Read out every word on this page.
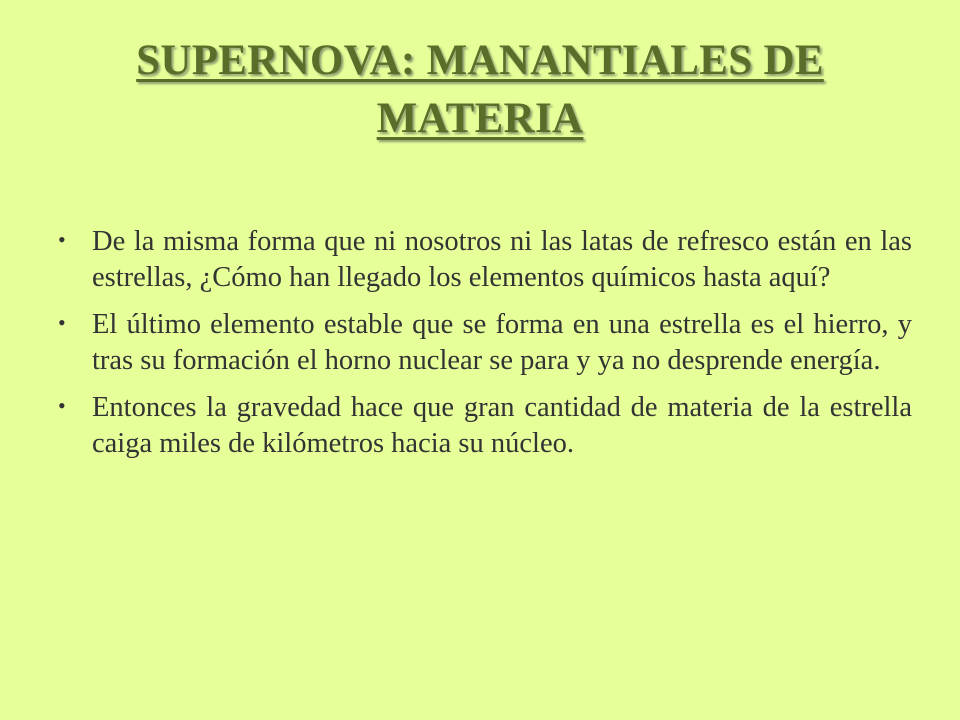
SUPERNOVA: MANANTIALES DE MATERIA
• De la misma forma que ni nosotros ni las latas de refresco están en las estrellas, ¿Cómo han llegado los elementos químicos hasta aquí?
• El último elemento estable que se forma en una estrella es el hierro, y tras su formación el horno nuclear se para y ya no desprende energía.
• Entonces la gravedad hace que gran cantidad de materia de la estrella caiga miles de kilómetros hacia su núcleo.
